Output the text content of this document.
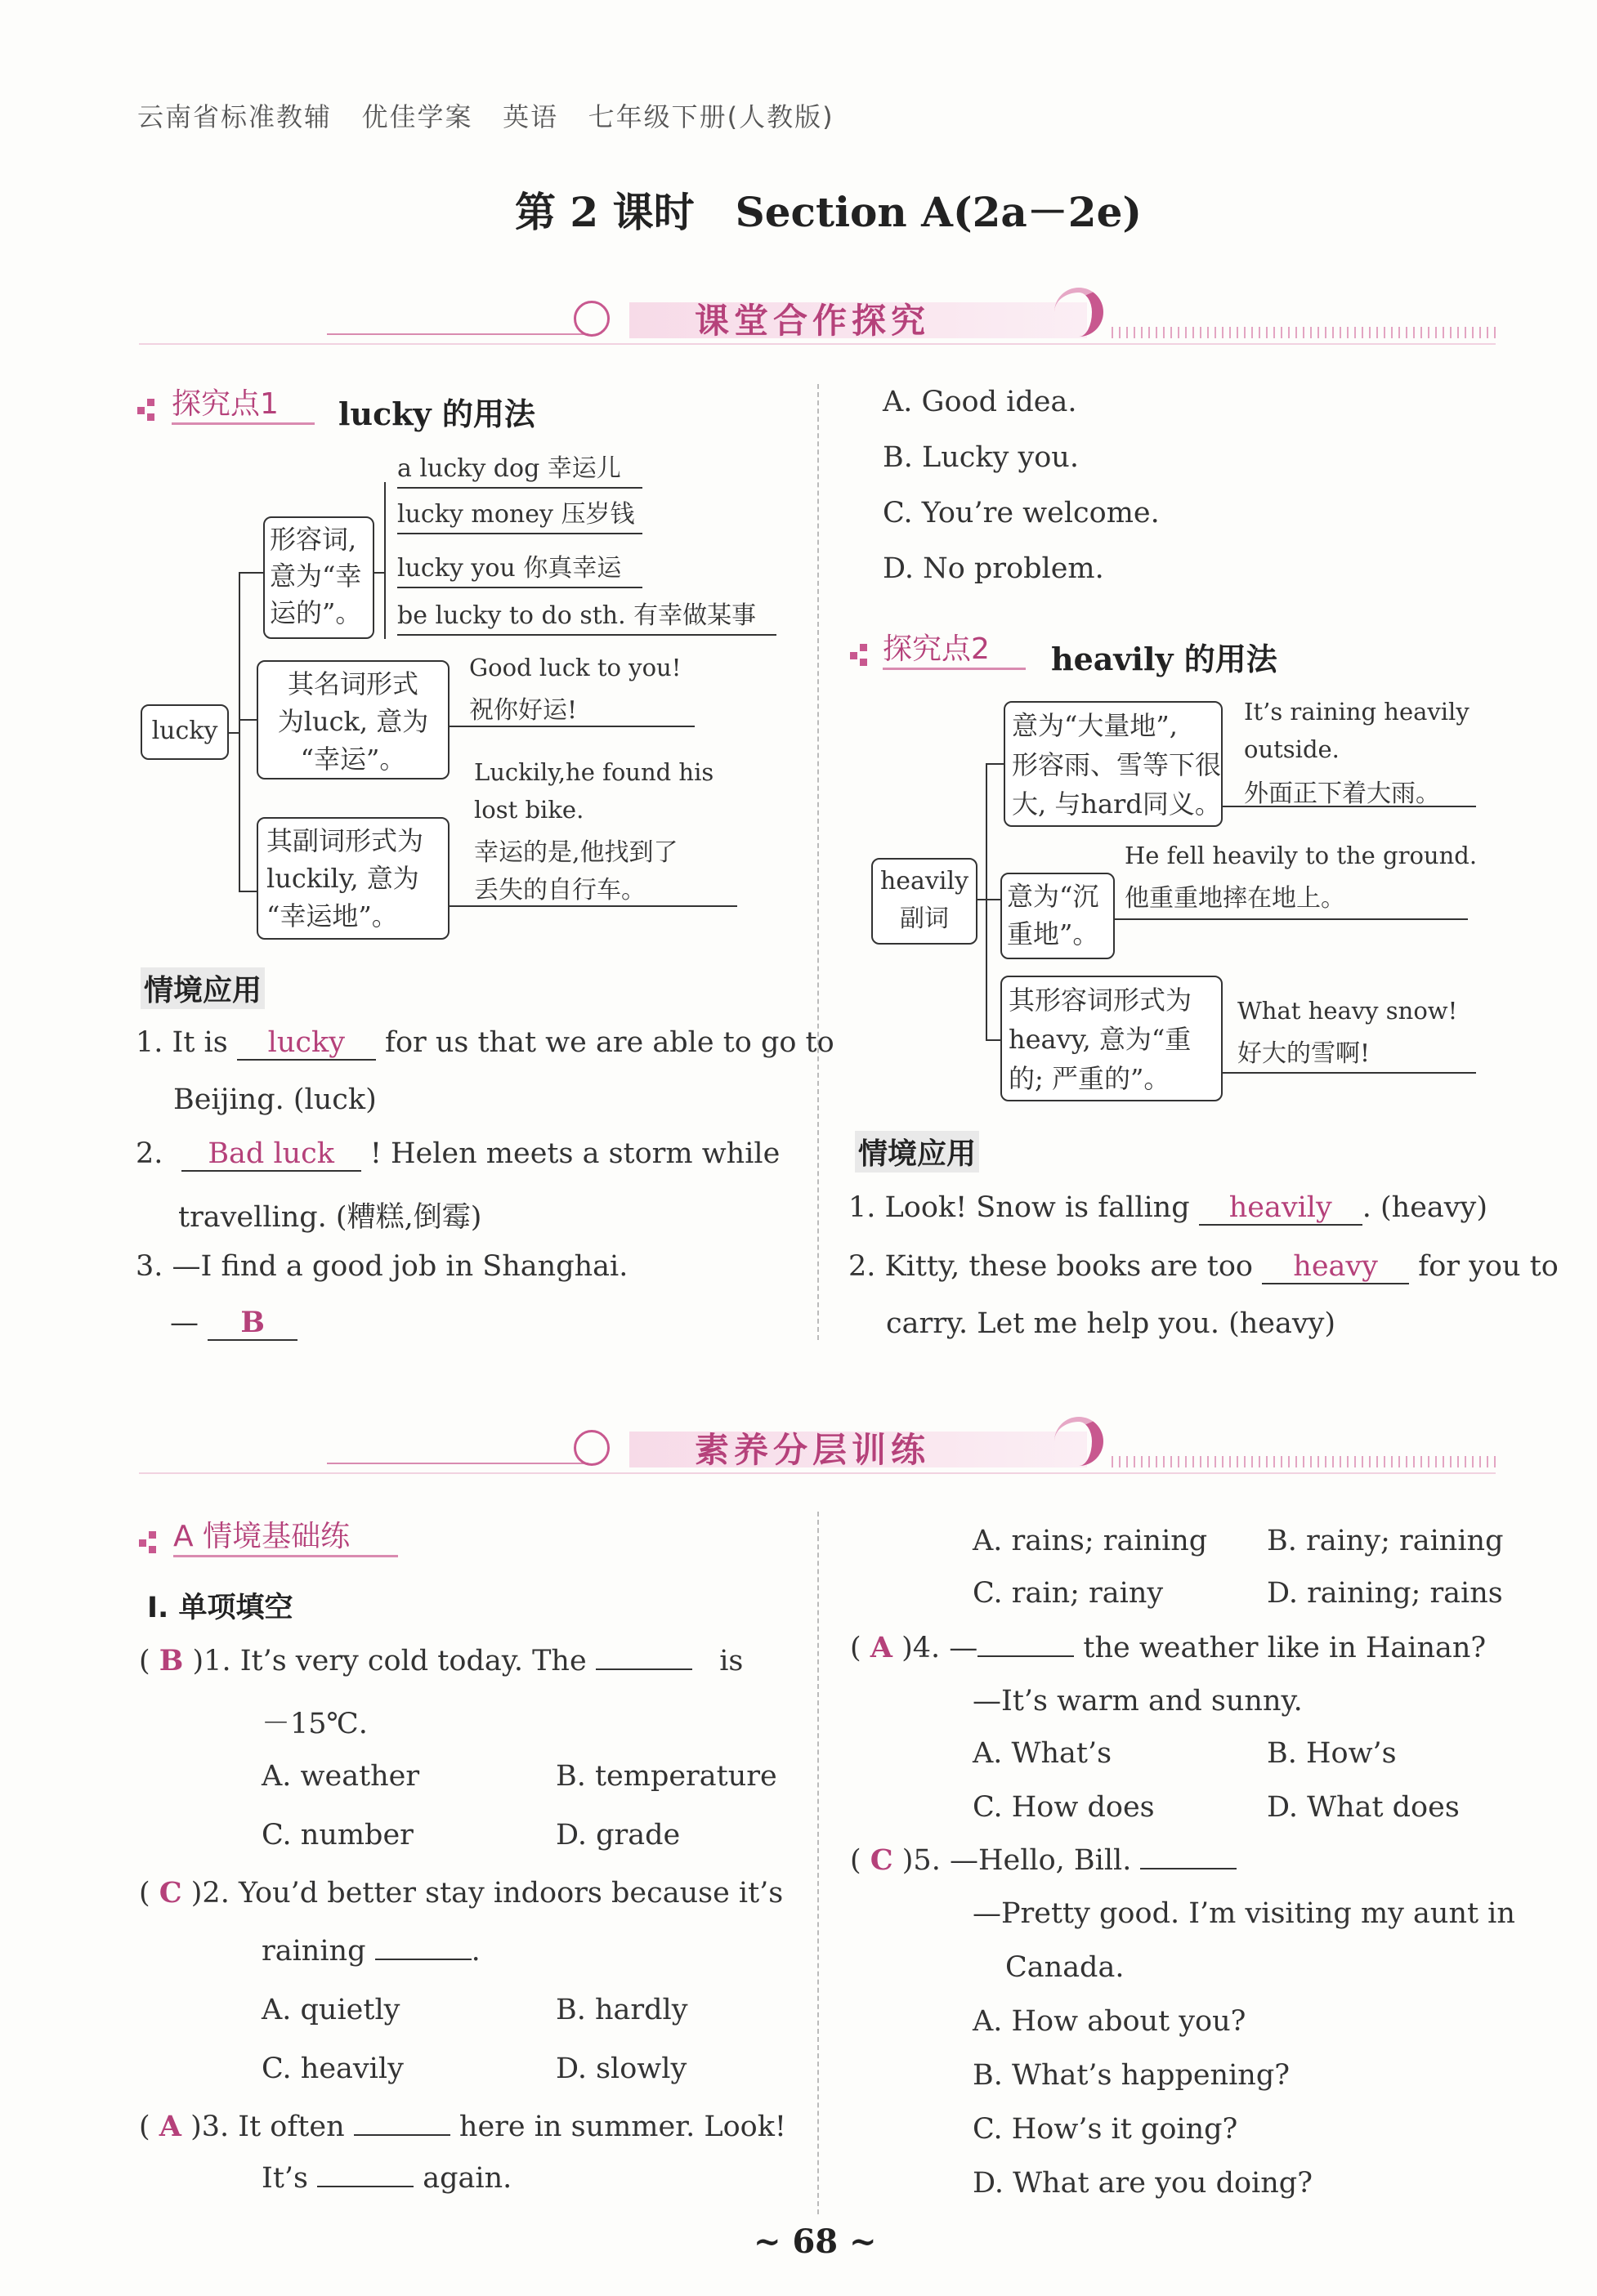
云南省标准教辅 优佳学案 英语 七年级下册(人教版)
第 2 课时　Section A(2a－2e)
课堂合作探究
探究点1	lucky 的用法
lucky
形容词,
意为“幸
运的”。
a lucky dog 幸运儿
lucky money 压岁钱
lucky you 你真幸运
be lucky to do sth. 有幸做某事
其名词形式
为luck, 意为
“幸运”。
Good luck to you!
祝你好运!
其副词形式为
luckily, 意为
“幸运地”。
Luckily,he found his
lost bike.
幸运的是,他找到了
丢失的自行车。
情境应用
1. It is lucky for us that we are able to go to
Beijing. (luck)
2. Bad luck ! Helen meets a storm while
travelling. (糟糕,倒霉)
3. —I find a good job in Shanghai.
— B
A. Good idea.
B. Lucky you.
C. You’re welcome.
D. No problem.
探究点2	heavily 的用法
heavily
副词
意为“大量地”,
形容雨、雪等下很
大, 与hard同义。
It’s raining heavily
outside.
外面正下着大雨。
意为“沉
重地”。
He fell heavily to the ground.
他重重地摔在地上。
其形容词形式为
heavy, 意为“重
的; 严重的”。
What heavy snow!
好大的雪啊!
情境应用
1. Look! Snow is falling heavily . (heavy)
2. Kitty, these books are too heavy for you to
carry. Let me help you. (heavy)
素养分层训练
A 情境基础练
Ⅰ. 单项填空
( B )1. It’s very cold today. The	is
－15℃.
A. weather	B. temperature
C. number	D. grade
( C )2. You’d better stay indoors because it’s
raining	.
A. quietly	B. hardly
C. heavily	D. slowly
( A )3. It often	here in summer. Look!
It’s	again.
A. rains; raining B. rainy; raining
C. rain; rainy	D. raining; rains
( A )4. —	the weather like in Hainan?
—It’s warm and sunny.
A. What’s	B. How’s
C. How does	D. What does
( C )5. —Hello, Bill.
—Pretty good. I’m visiting my aunt in
Canada.
A. How about you?
B. What’s happening?
C. How’s it going?
D. What are you doing?
~ 68 ~
